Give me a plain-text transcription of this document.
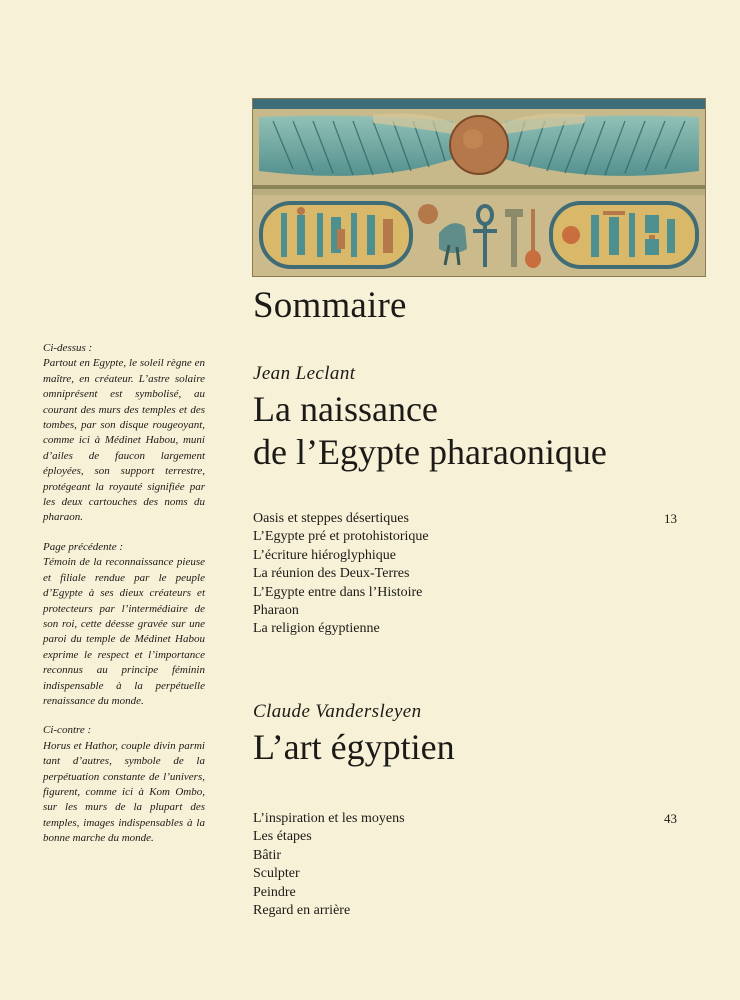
Sommaire

Ci-dessus :
Partout en Egypte, le soleil règne en maître, en créateur. L’astre solaire omniprésent est symbolisé, au courant des murs des temples et des tombes, par son disque rougeoyant, comme ici à Médinet Habou, muni d’ailes de faucon largement éployées, son support terrestre, protégeant la royauté signifiée par les deux cartouches des noms du pharaon.

Page précédente :
Témoin de la reconnaissance pieuse et filiale rendue par le peuple d’Egypte à ses dieux créateurs et protecteurs par l’intermédiaire de son roi, cette déesse gravée sur une paroi du temple de Médinet Habou exprime le respect et l’importance reconnus au principe féminin indispensable à la perpétuelle renaissance du monde.

Ci-contre :
Horus et Hathor, couple divin parmi tant d’autres, symbole de la perpétuation constante de l’univers, figurent, comme ici à Kom Ombo, sur les murs de la plupart des temples, images indispensables à la bonne marche du monde.

Jean Leclant

La naissance
de l’Egypte pharaonique
Oasis et steppes désertiques	13
L’Egypte pré et protohistorique
L’écriture hiéroglyphique
La réunion des Deux-Terres
L’Egypte entre dans l’Histoire
Pharaon
La religion égyptienne

Claude Vandersleyen

L’art égyptien
L’inspiration et les moyens	43
Les étapes
Bâtir
Sculpter
Peindre
Regard en arrière
